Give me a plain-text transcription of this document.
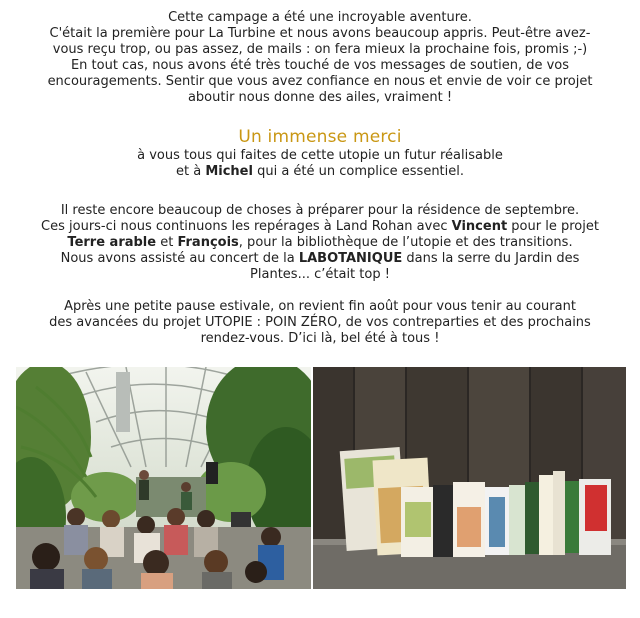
Cette campage a été une incroyable aventure.

C'était la première pour La Turbine et nous avons beaucoup appris. Peut-être avez-

vous reçu trop, ou pas assez, de mails : on fera mieux la prochaine fois, promis ;-)

En tout cas, nous avons été très touché de vos messages de soutien, de vos

encouragements. Sentir que vous avez confiance en nous et envie de voir ce projet

aboutir nous donne des ailes, vraiment !

Un immense merci

à vous tous qui faites de cette utopie un futur réalisable

et à Michel qui a été un complice essentiel.

Il reste encore beaucoup de choses à préparer pour la résidence de septembre.

Ces jours-ci nous continuons les repérages à Land Rohan avec Vincent pour le projet

Terre arable et François, pour la bibliothèque de l’utopie et des transitions.

Nous avons assisté au concert de la LABOTANIQUE dans la serre du Jardin des

Plantes... c’était top !

Après une petite pause estivale, on revient fin août pour vous tenir au courant

des avancées du projet UTOPIE : POIN ZÉRO, de vos contreparties et des prochains

rendez-vous. D’ici là, bel été à tous !
